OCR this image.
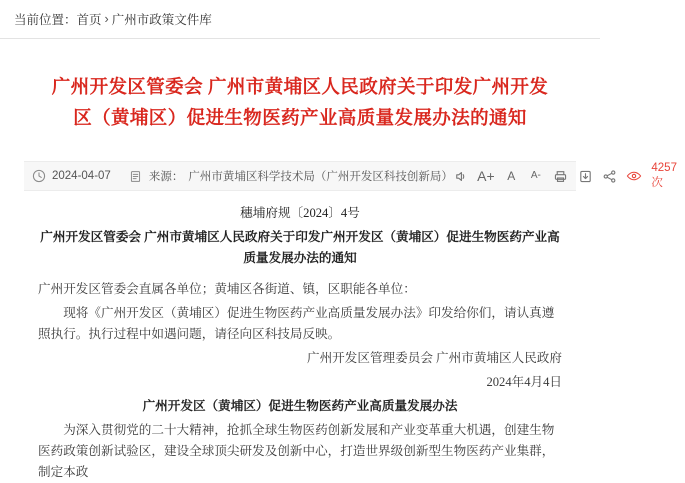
当前位置： 首页 › 广州市政策文件库
广州开发区管委会 广州市黄埔区人民政府关于印发广州开发区（黄埔区）促进生物医药产业高质量发展办法的通知
2024-04-07	来源： 广州市黄埔区科学技术局（广州开发区科技创新局） A+	A	A-
4257次

穗埔府规〔2024〕4号

广州开发区管委会 广州市黄埔区人民政府关于印发广州开发区（黄埔区）促进生物医药产业高质量发展办法的通知

广州开发区管委会直属各单位；黄埔区各街道、镇，区职能各单位：

现将《广州开发区（黄埔区）促进生物医药产业高质量发展办法》印发给你们，请认真遵照执行。执行过程中如遇问题，请径向区科技局反映。

广州开发区管理委员会 广州市黄埔区人民政府

2024年4月4日

广州开发区（黄埔区）促进生物医药产业高质量发展办法

为深入贯彻党的二十大精神，抢抓全球生物医药创新发展和产业变革重大机遇，创建生物医药政策创新试验区，建设全球顶尖研发及创新中心，打造世界级创新型生物医药产业集群，制定本政
